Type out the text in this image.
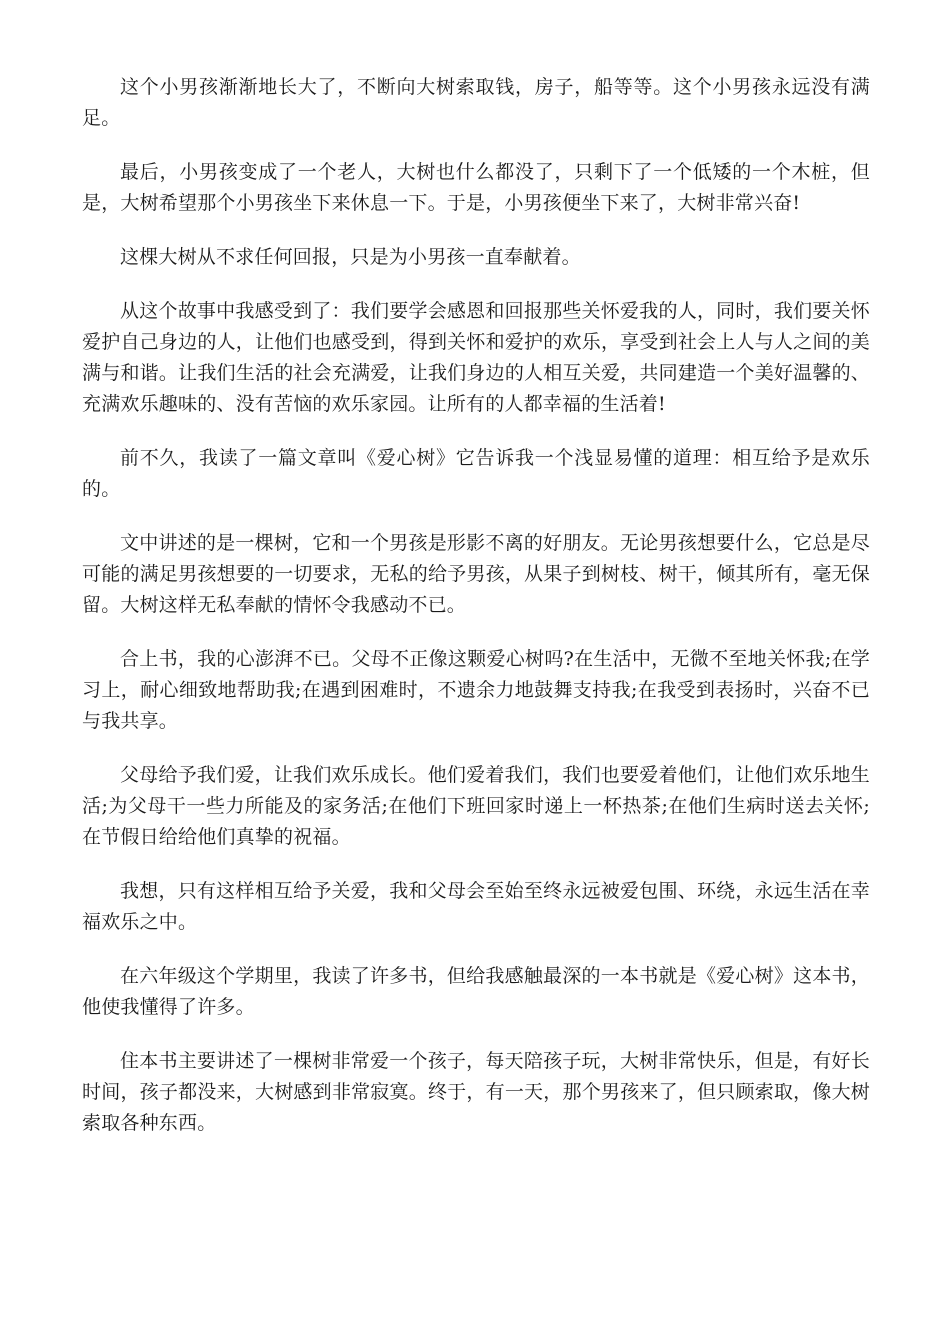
这个小男孩渐渐地长大了，不断向大树索取钱，房子，船等等。这个小男孩永远没有满足。

最后，小男孩变成了一个老人，大树也什么都没了，只剩下了一个低矮的一个木桩，但是，大树希望那个小男孩坐下来休息一下。于是，小男孩便坐下来了，大树非常兴奋!

这棵大树从不求任何回报，只是为小男孩一直奉献着。

从这个故事中我感受到了：我们要学会感恩和回报那些关怀爱我的人，同时，我们要关怀爱护自己身边的人，让他们也感受到，得到关怀和爱护的欢乐，享受到社会上人与人之间的美满与和谐。让我们生活的社会充满爱，让我们身边的人相互关爱，共同建造一个美好温馨的、充满欢乐趣味的、没有苦恼的欢乐家园。让所有的人都幸福的生活着!

前不久，我读了一篇文章叫《爱心树》它告诉我一个浅显易懂的道理：相互给予是欢乐的。

文中讲述的是一棵树，它和一个男孩是形影不离的好朋友。无论男孩想要什么，它总是尽可能的满足男孩想要的一切要求，无私的给予男孩，从果子到树枝、树干，倾其所有，毫无保留。大树这样无私奉献的情怀令我感动不已。

合上书，我的心澎湃不已。父母不正像这颗爱心树吗?在生活中，无微不至地关怀我;在学习上，耐心细致地帮助我;在遇到困难时，不遗余力地鼓舞支持我;在我受到表扬时，兴奋不已与我共享。

父母给予我们爱，让我们欢乐成长。他们爱着我们，我们也要爱着他们，让他们欢乐地生活;为父母干一些力所能及的家务活;在他们下班回家时递上一杯热茶;在他们生病时送去关怀;在节假日给给他们真挚的祝福。

我想，只有这样相互给予关爱，我和父母会至始至终永远被爱包围、环绕，永远生活在幸福欢乐之中。

在六年级这个学期里，我读了许多书，但给我感触最深的一本书就是《爱心树》这本书，他使我懂得了许多。

住本书主要讲述了一棵树非常爱一个孩子，每天陪孩子玩，大树非常快乐，但是，有好长时间，孩子都没来，大树感到非常寂寞。终于，有一天，那个男孩来了，但只顾索取，像大树索取各种东西。
